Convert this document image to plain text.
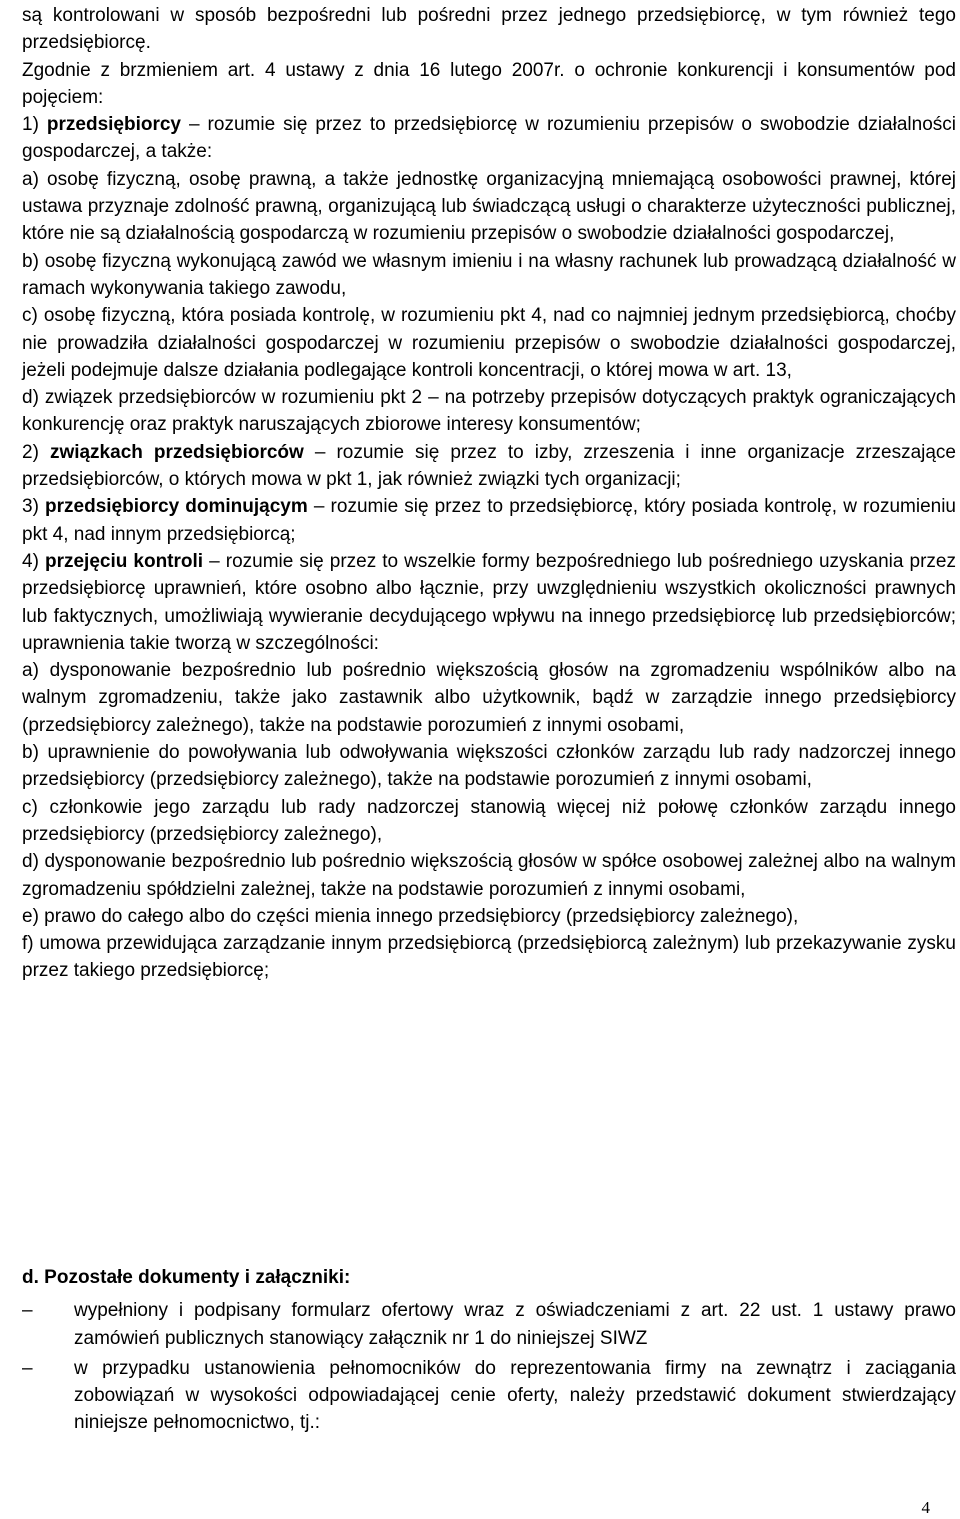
są kontrolowani w sposób bezpośredni lub pośredni przez jednego przedsiębiorcę, w tym również tego przedsiębiorcę.

Zgodnie z brzmieniem art. 4 ustawy z dnia 16 lutego 2007r. o ochronie konkurencji i konsumentów pod pojęciem:

1) przedsiębiorcy – rozumie się przez to przedsiębiorcę w rozumieniu przepisów o swobodzie działalności gospodarczej, a także:

a) osobę fizyczną, osobę prawną, a także jednostkę organizacyjną mniemającą osobowości prawnej, której ustawa przyznaje zdolność prawną, organizującą lub świadczącą usługi o charakterze użyteczności publicznej, które nie są działalnością gospodarczą w rozumieniu przepisów o swobodzie działalności gospodarczej,

b) osobę fizyczną wykonującą zawód we własnym imieniu i na własny rachunek lub prowadzącą działalność w ramach wykonywania takiego zawodu,

c) osobę fizyczną, która posiada kontrolę, w rozumieniu pkt 4, nad co najmniej jednym przedsiębiorcą, choćby nie prowadziła działalności gospodarczej w rozumieniu przepisów o swobodzie działalności gospodarczej, jeżeli podejmuje dalsze działania podlegające kontroli koncentracji, o której mowa w art. 13,

d) związek przedsiębiorców w rozumieniu pkt 2 – na potrzeby przepisów dotyczących praktyk ograniczających konkurencję oraz praktyk naruszających zbiorowe interesy konsumentów;

2) związkach przedsiębiorców – rozumie się przez to izby, zrzeszenia i inne organizacje zrzeszające przedsiębiorców, o których mowa w pkt 1, jak również związki tych organizacji;

3) przedsiębiorcy dominującym – rozumie się przez to przedsiębiorcę, który posiada kontrolę, w rozumieniu pkt 4, nad innym przedsiębiorcą;

4) przejęciu kontroli – rozumie się przez to wszelkie formy bezpośredniego lub pośredniego uzyskania przez przedsiębiorcę uprawnień, które osobno albo łącznie, przy uwzględnieniu wszystkich okoliczności prawnych lub faktycznych, umożliwiają wywieranie decydującego wpływu na innego przedsiębiorcę lub przedsiębiorców; uprawnienia takie tworzą w szczególności:

a) dysponowanie bezpośrednio lub pośrednio większością głosów na zgromadzeniu wspólników albo na walnym zgromadzeniu, także jako zastawnik albo użytkownik, bądź w zarządzie innego przedsiębiorcy (przedsiębiorcy zależnego), także na podstawie porozumień z innymi osobami,

b) uprawnienie do powoływania lub odwoływania większości członków zarządu lub rady nadzorczej innego przedsiębiorcy (przedsiębiorcy zależnego), także na podstawie porozumień z innymi osobami,

c) członkowie jego zarządu lub rady nadzorczej stanowią więcej niż połowę członków zarządu innego przedsiębiorcy (przedsiębiorcy zależnego),

d) dysponowanie bezpośrednio lub pośrednio większością głosów w spółce osobowej zależnej albo na walnym zgromadzeniu spółdzielni zależnej, także na podstawie porozumień z innymi osobami,

e) prawo do całego albo do części mienia innego przedsiębiorcy (przedsiębiorcy zależnego),

f) umowa przewidująca zarządzanie innym przedsiębiorcą (przedsiębiorcą zależnym) lub przekazywanie zysku przez takiego przedsiębiorcę;

d. Pozostałe dokumenty i załączniki:

–	wypełniony i podpisany formularz ofertowy wraz z oświadczeniami z art. 22 ust. 1 ustawy prawo zamówień publicznych stanowiący załącznik nr 1 do niniejszej SIWZ
–	w przypadku ustanowienia pełnomocników do reprezentowania firmy na zewnątrz i zaciągania zobowiązań w wysokości odpowiadającej cenie oferty, należy przedstawić dokument stwierdzający niniejsze pełnomocnictwo, tj.:
4
